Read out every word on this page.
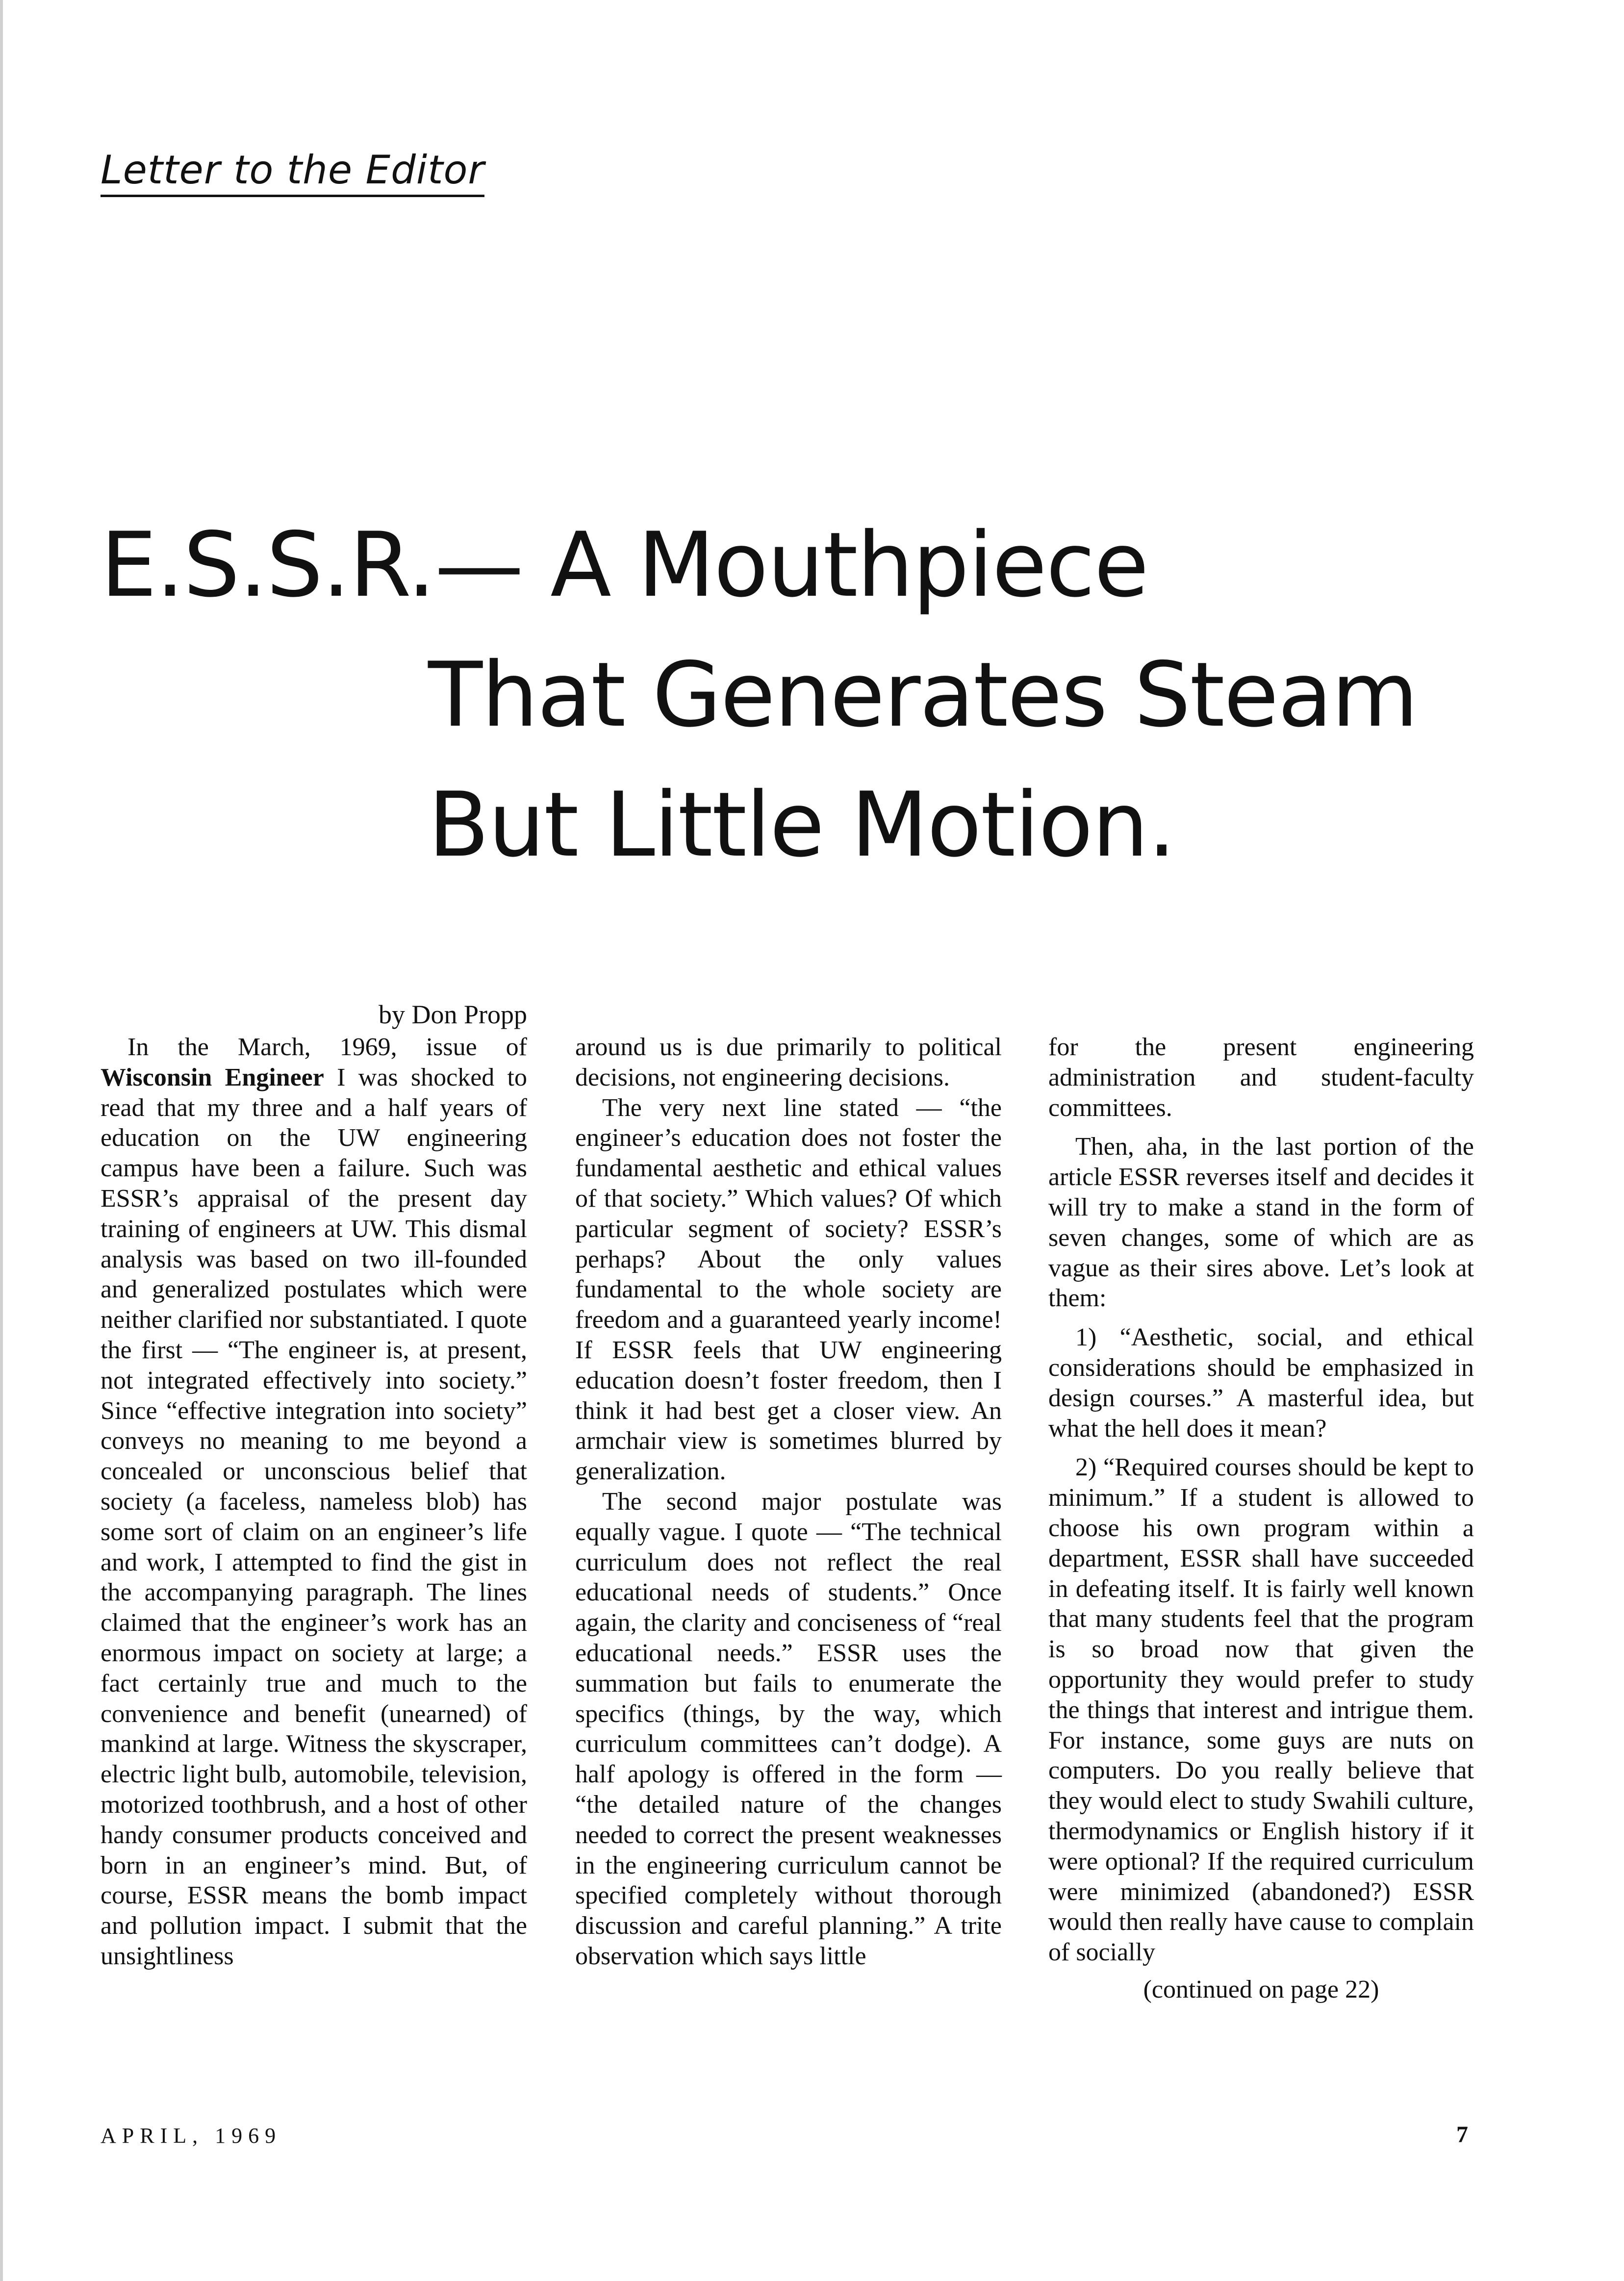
Letter to the Editor
E.S.S.R.— A Mouthpiece
That Generates Steam
But Little Motion.

by Don Propp

In the March, 1969, issue of Wisconsin Engineer I was shocked to read that my three and a half years of education on the UW engineering campus have been a failure. Such was ESSR’s appraisal of the present day training of engineers at UW. This dismal analysis was based on two ill-founded and generalized postulates which were neither clarified nor substantiated. I quote the first — “The engineer is, at present, not integrated effectively into society.” Since “effective integration into society” conveys no meaning to me beyond a concealed or unconscious belief that society (a faceless, nameless blob) has some sort of claim on an engineer’s life and work, I attempted to find the gist in the accompanying paragraph. The lines claimed that the engineer’s work has an enormous impact on society at large; a fact certainly true and much to the convenience and benefit (unearned) of mankind at large. Witness the skyscraper, electric light bulb, automobile, television, motorized toothbrush, and a host of other handy consumer products conceived and born in an engineer’s mind. But, of course, ESSR means the bomb impact and pollution impact. I submit that the unsightliness

around us is due primarily to political decisions, not engineering decisions.

The very next line stated — “the engineer’s education does not foster the fundamental aesthetic and ethical values of that society.” Which values? Of which particular segment of society? ESSR’s perhaps? About the only values fundamental to the whole society are freedom and a guaranteed yearly income! If ESSR feels that UW engineering education doesn’t foster freedom, then I think it had best get a closer view. An armchair view is sometimes blurred by generalization.

The second major postulate was equally vague. I quote — “The technical curriculum does not reflect the real educational needs of students.” Once again, the clarity and conciseness of “real educational needs.” ESSR uses the summation but fails to enumerate the specifics (things, by the way, which curriculum committees can’t dodge). A half apology is offered in the form — “the detailed nature of the changes needed to correct the present weaknesses in the engineering curriculum cannot be specified completely without thorough discussion and careful planning.” A trite observation which says little

for the present engineering administration and student-faculty committees.

Then, aha, in the last portion of the article ESSR reverses itself and decides it will try to make a stand in the form of seven changes, some of which are as vague as their sires above. Let’s look at them:

1) “Aesthetic, social, and ethical considerations should be emphasized in design courses.” A masterful idea, but what the hell does it mean?

2) “Required courses should be kept to minimum.” If a student is allowed to choose his own program within a department, ESSR shall have succeeded in defeating itself. It is fairly well known that many students feel that the program is so broad now that given the opportunity they would prefer to study the things that interest and intrigue them. For instance, some guys are nuts on computers. Do you really believe that they would elect to study Swahili culture, thermodynamics or English history if it were optional? If the required curriculum were minimized (abandoned?) ESSR would then really have cause to complain of socially

(continued on page 22)

APRIL, 1969	7
